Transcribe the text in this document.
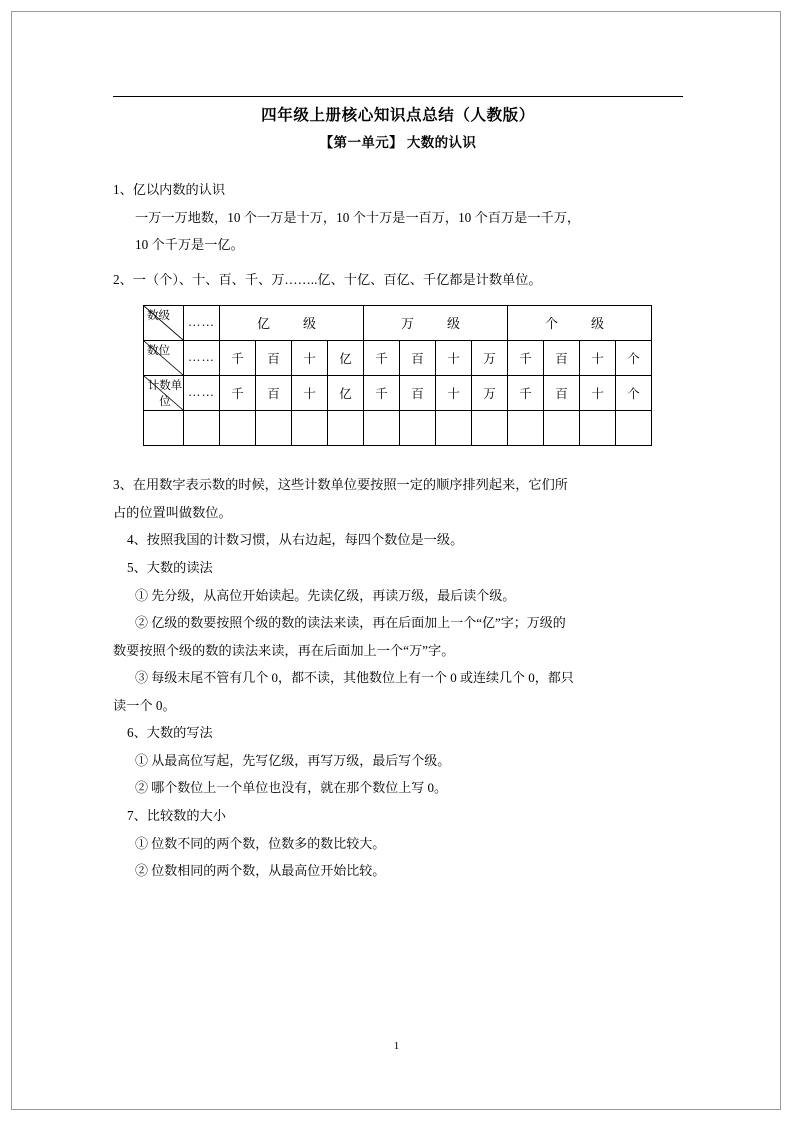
四年级上册核心知识点总结（人教版）
【第一单元】 大数的认识

1、亿以内数的认识

一万一万地数，10 个一万是十万，10 个十万是一百万，10 个百万是一千万，

10 个千万是一亿。

2、一（个）、十、百、千、万……..亿、十亿、百亿、千亿都是计数单位。

数级	……	亿　级				万　级				个　级			

数位	……	千	百	十	亿	千	百	十	万	千	百	十	个

计数单位	……	千	百	十	亿	千	百	十	万	千	百	十	个

3、在用数字表示数的时候，这些计数单位要按照一定的顺序排列起来，它们所

占的位置叫做数位。

4、按照我国的计数习惯，从右边起，每四个数位是一级。

5、大数的读法

① 先分级，从高位开始读起。先读亿级，再读万级，最后读个级。

② 亿级的数要按照个级的数的读法来读，再在后面加上一个“亿”字；万级的

数要按照个级的数的读法来读，再在后面加上一个“万”字。

③ 每级末尾不管有几个 0，都不读，其他数位上有一个 0 或连续几个 0，都只

读一个 0。

6、大数的写法

① 从最高位写起，先写亿级，再写万级，最后写个级。

② 哪个数位上一个单位也没有，就在那个数位上写 0。

7、比较数的大小

① 位数不同的两个数，位数多的数比较大。

② 位数相同的两个数，从最高位开始比较。

1
